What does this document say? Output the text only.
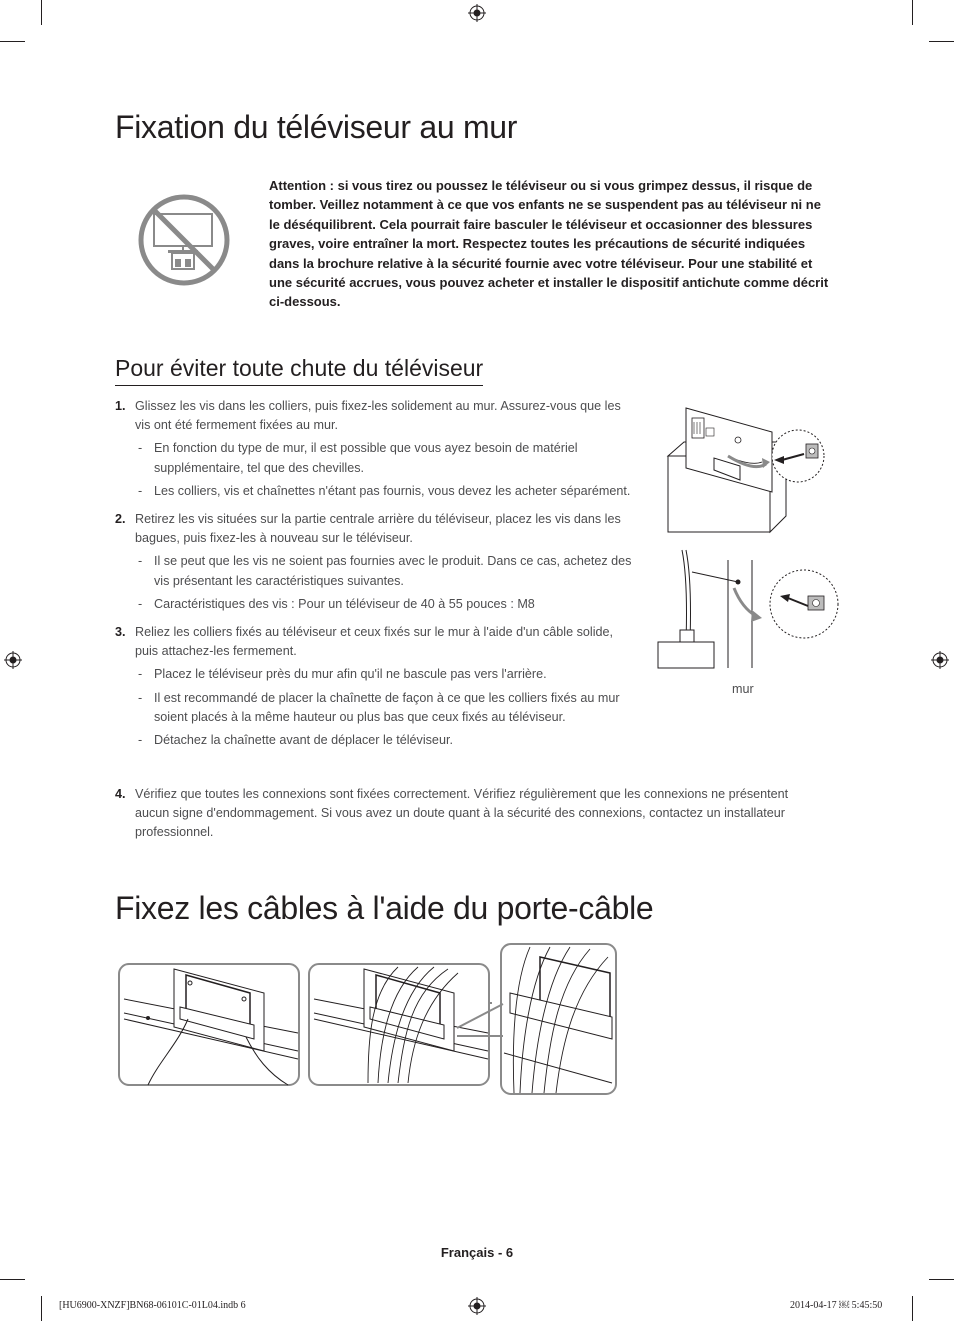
Fixation du téléviseur au mur
Attention : si vous tirez ou poussez le téléviseur ou si vous grimpez dessus, il risque de tomber. Veillez notamment à ce que vos enfants ne se suspendent pas au téléviseur ni ne le déséquilibrent. Cela pourrait faire basculer le téléviseur et occasionner des blessures graves, voire entraîner la mort. Respectez toutes les précautions de sécurité indiquées dans la brochure relative à la sécurité fournie avec votre téléviseur. Pour une stabilité et une sécurité accrues, vous pouvez acheter et installer le dispositif antichute comme décrit ci-dessous.
Pour éviter toute chute du téléviseur
1. Glissez les vis dans les colliers, puis fixez-les solidement au mur. Assurez-vous que les vis ont été fermement fixées au mur.
- En fonction du type de mur, il est possible que vous ayez besoin de matériel supplémentaire, tel que des chevilles.
- Les colliers, vis et chaînettes n'étant pas fournis, vous devez les acheter séparément.
2. Retirez les vis situées sur la partie centrale arrière du téléviseur, placez les vis dans les bagues, puis fixez-les à nouveau sur le téléviseur.
- Il se peut que les vis ne soient pas fournies avec le produit. Dans ce cas, achetez des vis présentant les caractéristiques suivantes.
- Caractéristiques des vis : Pour un téléviseur de 40 à 55 pouces : M8
3. Reliez les colliers fixés au téléviseur et ceux fixés sur le mur à l'aide d'un câble solide, puis attachez-les fermement.
- Placez le téléviseur près du mur afin qu'il ne bascule pas vers l'arrière.
- Il est recommandé de placer la chaînette de façon à ce que les colliers fixés au mur soient placés à la même hauteur ou plus bas que ceux fixés au téléviseur.
- Détachez la chaînette avant de déplacer le téléviseur.
4. Vérifiez que toutes les connexions sont fixées correctement. Vérifiez régulièrement que les connexions ne présentent aucun signe d'endommagement. Si vous avez un doute quant à la sécurité des connexions, contactez un installateur professionnel.
mur
Fixez les câbles à l'aide du porte-câble
Français - 6
[HU6900-XNZF]BN68-06101C-01L04.indb 6	2014-04-17 ￼ 5:45:50
